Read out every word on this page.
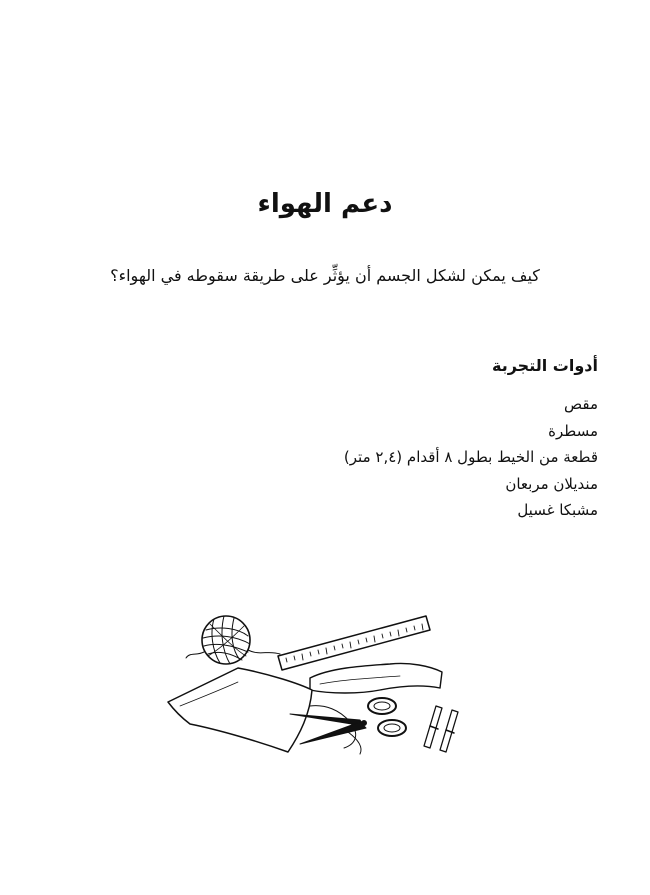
دعم الهواء

كيف يمكن لشكل الجسم أن يؤثِّر على طريقة سقوطه في الهواء؟

أدوات التجربة
مقص
مسطرة
قطعة من الخيط بطول ٨ أقدام (٢,٤ متر)
منديلان مربعان
مشبكا غسيل
